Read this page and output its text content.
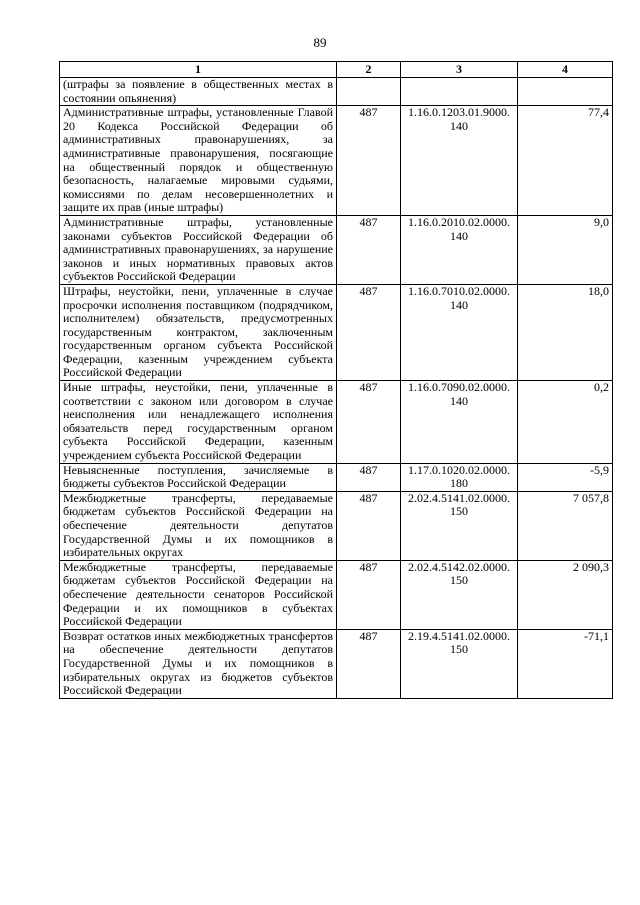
89
1	2	3	4
(штрафы за появление в общественных местах в состоянии опьянения)			
Административные штрафы, установленные Главой 20 Кодекса Российской Федерации об административных правонарушениях, за административные правонарушения, посягающие на общественный порядок и общественную безопасность, налагаемые мировыми судьями, комиссиями по делам несовершеннолетних и защите их прав (иные штрафы)	487	1.16.0.1203.01.9000. 140	77,4
Административные штрафы, установленные законами субъектов Российской Федерации об административных правонарушениях, за нарушение законов и иных нормативных правовых актов субъектов Российской Федерации	487	1.16.0.2010.02.0000. 140	9,0
Штрафы, неустойки, пени, уплаченные в случае просрочки исполнения поставщиком (подрядчиком, исполнителем) обязательств, предусмотренных государственным контрактом, заключенным государственным органом субъекта Российской Федерации, казенным учреждением субъекта Российской Федерации	487	1.16.0.7010.02.0000. 140	18,0
Иные штрафы, неустойки, пени, уплаченные в соответствии с законом или договором в случае неисполнения или ненадлежащего исполнения обязательств перед государственным органом субъекта Российской Федерации, казенным учреждением субъекта Российской Федерации	487	1.16.0.7090.02.0000. 140	0,2
Невыясненные поступления, зачисляемые в бюджеты субъектов Российской Федерации	487	1.17.0.1020.02.0000. 180	-5,9
Межбюджетные трансферты, передаваемые бюджетам субъектов Российской Федерации на обеспечение деятельности депутатов Государственной Думы и их помощников в избирательных округах	487	2.02.4.5141.02.0000. 150	7 057,8
Межбюджетные трансферты, передаваемые бюджетам субъектов Российской Федерации на обеспечение деятельности сенаторов Российской Федерации и их помощников в субъектах Российской Федерации	487	2.02.4.5142.02.0000. 150	2 090,3
Возврат остатков иных межбюджетных трансфертов на обеспечение деятельности депутатов Государственной Думы и их помощников в избирательных округах из бюджетов субъектов Российской Федерации	487	2.19.4.5141.02.0000. 150	-71,1
